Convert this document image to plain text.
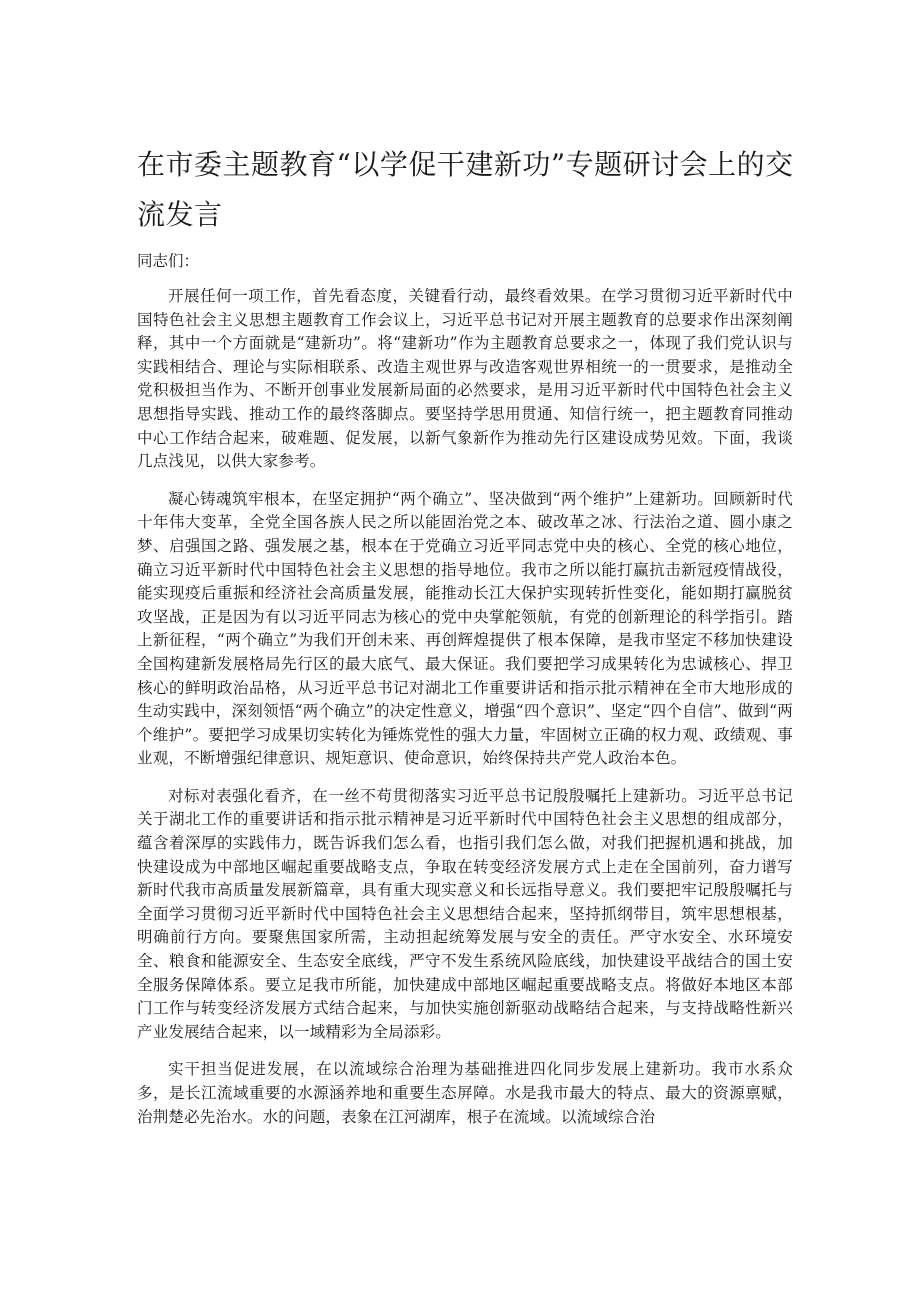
在市委主题教育“以学促干建新功”专题研讨会上的交流发言

同志们：

开展任何一项工作，首先看态度，关键看行动，最终看效果。在学习贯彻习近平新时代中国特色社会主义思想主题教育工作会议上，习近平总书记对开展主题教育的总要求作出深刻阐释，其中一个方面就是“建新功”。将“建新功”作为主题教育总要求之一，体现了我们党认识与实践相结合、理论与实际相联系、改造主观世界与改造客观世界相统一的一贯要求，是推动全党积极担当作为、不断开创事业发展新局面的必然要求，是用习近平新时代中国特色社会主义思想指导实践、推动工作的最终落脚点。要坚持学思用贯通、知信行统一，把主题教育同推动中心工作结合起来，破难题、促发展，以新气象新作为推动先行区建设成势见效。下面，我谈几点浅见，以供大家参考。

凝心铸魂筑牢根本，在坚定拥护“两个确立”、坚决做到“两个维护”上建新功。回顾新时代十年伟大变革，全党全国各族人民之所以能固治党之本、破改革之冰、行法治之道、圆小康之梦、启强国之路、强发展之基，根本在于党确立习近平同志党中央的核心、全党的核心地位，确立习近平新时代中国特色社会主义思想的指导地位。我市之所以能打赢抗击新冠疫情战役，能实现疫后重振和经济社会高质量发展，能推动长江大保护实现转折性变化，能如期打赢脱贫攻坚战，正是因为有以习近平同志为核心的党中央掌舵领航，有党的创新理论的科学指引。踏上新征程，“两个确立”为我们开创未来、再创辉煌提供了根本保障，是我市坚定不移加快建设全国构建新发展格局先行区的最大底气、最大保证。我们要把学习成果转化为忠诚核心、捍卫核心的鲜明政治品格，从习近平总书记对湖北工作重要讲话和指示批示精神在全市大地形成的生动实践中，深刻领悟“两个确立”的决定性意义，增强“四个意识”、坚定“四个自信”、做到“两个维护”。要把学习成果切实转化为锤炼党性的强大力量，牢固树立正确的权力观、政绩观、事业观，不断增强纪律意识、规矩意识、使命意识，始终保持共产党人政治本色。

对标对表强化看齐，在一丝不苟贯彻落实习近平总书记殷殷嘱托上建新功。习近平总书记关于湖北工作的重要讲话和指示批示精神是习近平新时代中国特色社会主义思想的组成部分，蕴含着深厚的实践伟力，既告诉我们怎么看，也指引我们怎么做，对我们把握机遇和挑战，加快建设成为中部地区崛起重要战略支点，争取在转变经济发展方式上走在全国前列，奋力谱写新时代我市高质量发展新篇章，具有重大现实意义和长远指导意义。我们要把牢记殷殷嘱托与全面学习贯彻习近平新时代中国特色社会主义思想结合起来，坚持抓纲带目，筑牢思想根基，明确前行方向。要聚焦国家所需，主动担起统筹发展与安全的责任。严守水安全、水环境安全、粮食和能源安全、生态安全底线，严守不发生系统风险底线，加快建设平战结合的国土安全服务保障体系。要立足我市所能，加快建成中部地区崛起重要战略支点。将做好本地区本部门工作与转变经济发展方式结合起来，与加快实施创新驱动战略结合起来，与支持战略性新兴产业发展结合起来，以一域精彩为全局添彩。

实干担当促进发展，在以流域综合治理为基础推进四化同步发展上建新功。我市水系众多，是长江流域重要的水源涵养地和重要生态屏障。水是我市最大的特点、最大的资源禀赋，治荆楚必先治水。水的问题，表象在江河湖库，根子在流域。以流域综合治
